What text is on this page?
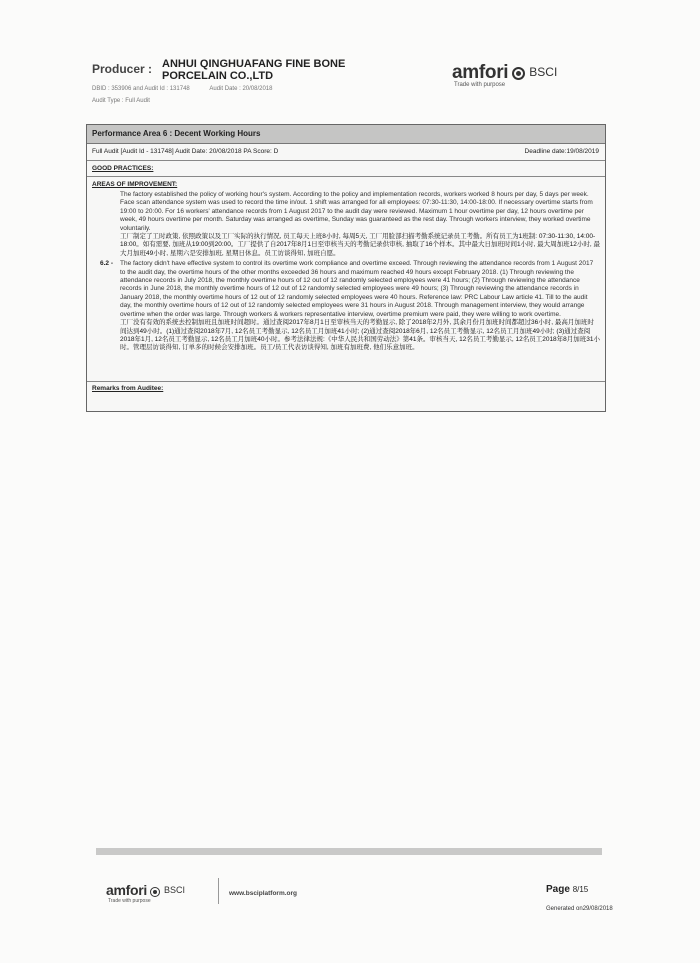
Producer : ANHUI QINGHUAFANG FINE BONE PORCELAIN CO.,LTD
DBID : 353906 and Audit Id : 131748	Audit Date : 20/08/2018
Audit Type : Full Audit
amfori BSCI
Trade with purpose
Performance Area 6 : Decent Working Hours
Full Audit [Audit Id - 131748] Audit Date: 20/08/2018 PA Score: D	Deadline date:19/08/2019
GOOD PRACTICES:
AREAS OF IMPROVEMENT:
The factory established the policy of working hour's system. According to the policy and implementation records, workers worked 8 hours per day, 5 days per week. Face scan attendance system was used to record the time in/out. 1 shift was arranged for all employees: 07:30-11:30, 14:00-18:00. If necessary overtime starts from 19:00 to 20:00. For 16 workers' attendance records from 1 August 2017 to the audit day were reviewed. Maximum 1 hour overtime per day, 12 hours overtime per week, 49 hours overtime per month. Saturday was arranged as overtime, Sunday was guaranteed as the rest day. Through workers interview, they worked overtime voluntarily.
工厂制定了工时政策, 依照政策以及工厂实际的执行情况, 员工每天上班8小时, 每周5天, 工厂用脸部扫描考勤系统记录员工考勤。所有员工为1班制: 07:30-11:30, 14:00-18:00。如有需要, 加班从19:00到20:00。工厂提供了自2017年8月1日至审核当天的考勤记录供审核, 抽取了16个样本。其中最大日加班时间1小时, 最大周加班12小时, 最大月加班49小时, 星期六是安排加班, 星期日休息。员工访谈得知, 加班自愿。
6.2 - The factory didn't have effective system to control its overtime work compliance and overtime exceed. Through reviewing the attendance records from 1 August 2017 to the audit day, the overtime hours of the other months exceeded 36 hours and maximum reached 49 hours except February 2018. (1) Through reviewing the attendance records in July 2018, the monthly overtime hours of 12 out of 12 randomly selected employees were 41 hours; (2) Through reviewing the attendance records in June 2018, the monthly overtime hours of 12 out of 12 randomly selected employees were 49 hours; (3) Through reviewing the attendance records in January 2018, the monthly overtime hours of 12 out of 12 randomly selected employees were 40 hours. Reference law: PRC Labour Law article 41. Till to the audit day, the monthly overtime hours of 12 out of 12 randomly selected employees were 31 hours in August 2018. Through management interview, they would arrange overtime when the order was large. Through workers & workers representative interview, overtime premium were paid, they were willing to work overtime.
工厂没有有效的系统去控制加班且加班时间超时。通过查阅2017年8月1日至审核当天的考勤显示, 除了2018年2月外, 其余月份月加班时间都超过36小时, 最高月加班时间达到49小时。(1)通过查阅2018年7月, 12名员工考勤显示, 12名员工月加班41小时; (2)通过查阅2018年6月, 12名员工考勤显示, 12名员工月加班49小时; (3)通过查阅2018年1月, 12名员工考勤显示, 12名员工月加班40小时。参考法律法规:《中华人民共和国劳动法》第41条。审核当天, 12名员工考勤显示, 12名员工2018年8月加班31小时。管理层访谈得知, 订单多的时候会安排加班。员工/员工代表访谈得知, 加班有加班费, 他们乐意加班。
Remarks from Auditee:
amfori BSCI
Trade with purpose
www.bsciplatform.org	Page 8/15
Generated on29/08/2018
